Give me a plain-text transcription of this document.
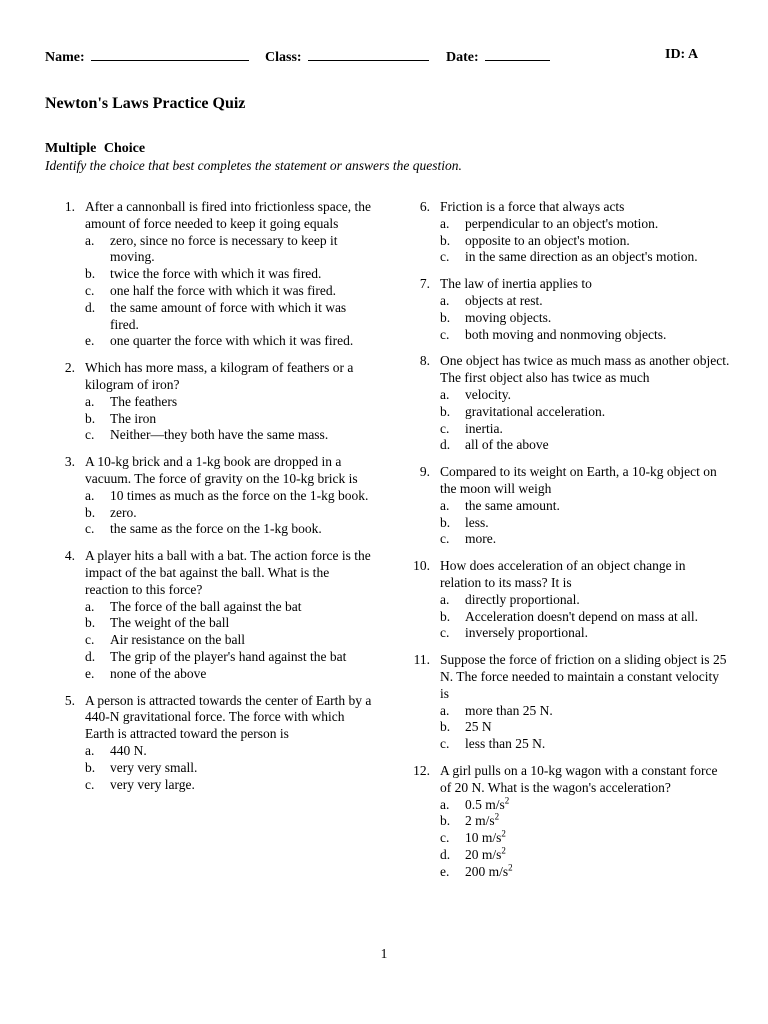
Name:	Class:	Date:	ID: A
Newton's Laws Practice Quiz
Multiple Choice
Identify the choice that best completes the statement or answers the question.
1. After a cannonball is fired into frictionless space, the amount of force needed to keep it going equals
a.	zero, since no force is necessary to keep it moving.
b.	twice the force with which it was fired.
c.	one half the force with which it was fired.
d.	the same amount of force with which it was fired.
e.	one quarter the force with which it was fired.
2. Which has more mass, a kilogram of feathers or a kilogram of iron?
a.	The feathers
b.	The iron
c.	Neither—they both have the same mass.
3. A 10-kg brick and a 1-kg book are dropped in a vacuum. The force of gravity on the 10-kg brick is
a.	10 times as much as the force on the 1-kg book.
b.	zero.
c.	the same as the force on the 1-kg book.
4. A player hits a ball with a bat. The action force is the impact of the bat against the ball. What is the reaction to this force?
a.	The force of the ball against the bat
b.	The weight of the ball
c.	Air resistance on the ball
d.	The grip of the player's hand against the bat
e.	none of the above
5. A person is attracted towards the center of Earth by a 440-N gravitational force. The force with which Earth is attracted toward the person is
a.	440 N.
b.	very very small.
c.	very very large.
6. Friction is a force that always acts
a.	perpendicular to an object's motion.
b.	opposite to an object's motion.
c.	in the same direction as an object's motion.
7. The law of inertia applies to
a.	objects at rest.
b.	moving objects.
c.	both moving and nonmoving objects.
8. One object has twice as much mass as another object. The first object also has twice as much
a.	velocity.
b.	gravitational acceleration.
c.	inertia.
d.	all of the above
9. Compared to its weight on Earth, a 10-kg object on the moon will weigh
a.	the same amount.
b.	less.
c.	more.
10. How does acceleration of an object change in relation to its mass? It is
a.	directly proportional.
b.	Acceleration doesn't depend on mass at all.
c.	inversely proportional.
11. Suppose the force of friction on a sliding object is 25 N. The force needed to maintain a constant velocity is
a.	more than 25 N.
b.	25 N
c.	less than 25 N.
12. A girl pulls on a 10-kg wagon with a constant force of 20 N. What is the wagon's acceleration?
a.	0.5 $m/s^2$
b.	2 $m/s^2$
c.	10 $m/s^2$
d.	20 $m/s^2$
e.	200 $m/s^2$
1
